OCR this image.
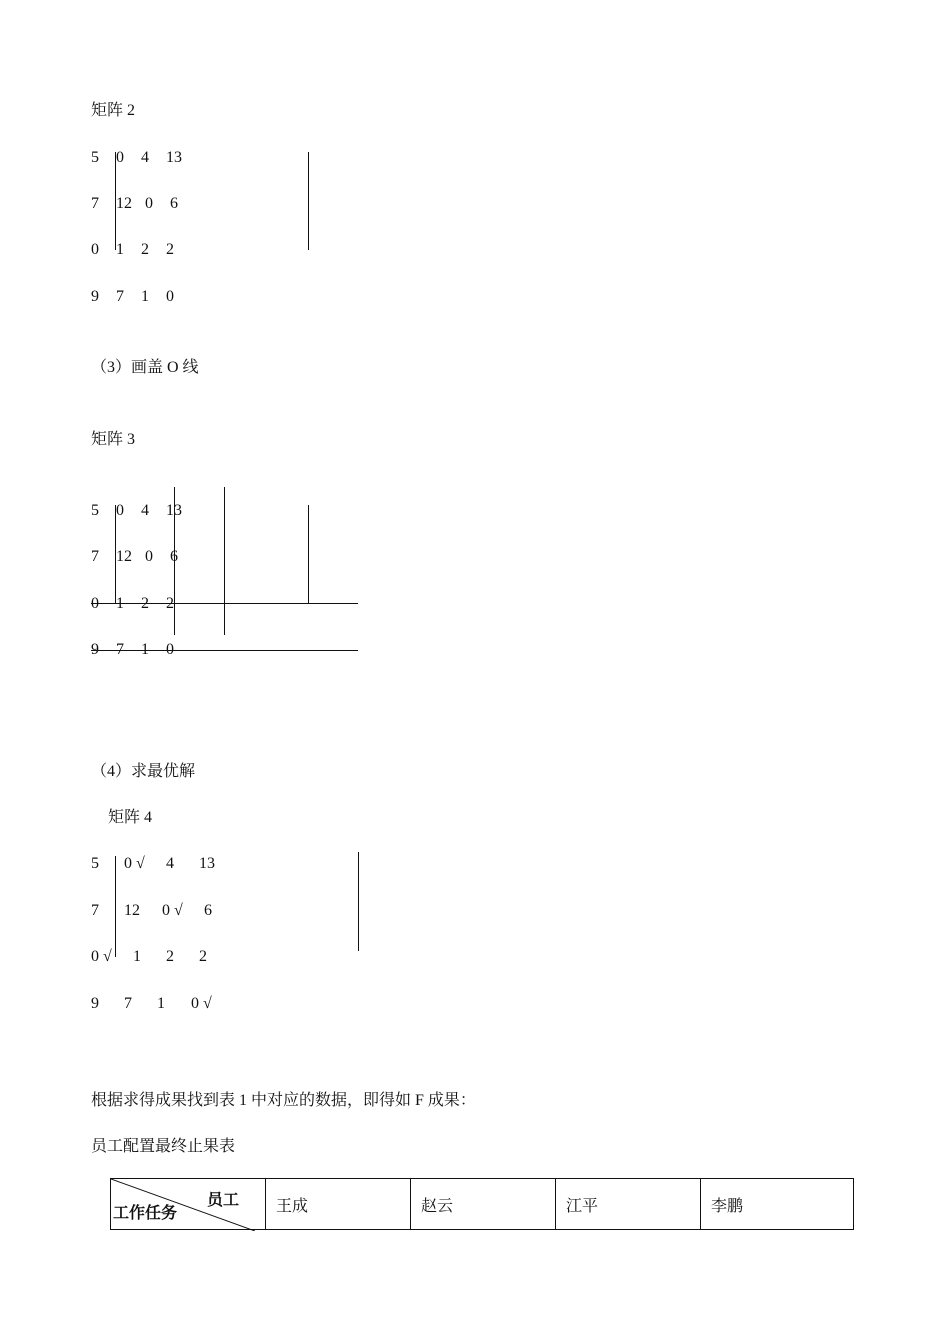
矩阵 2
5 0 4 13
7 12 0 6
0 1 2 2
9 7 1 0
（3）画盖 O 线
矩阵 3
5 0 4 13
7 12 0 6
0 1 2 2
9 7 1 0
（4）求最优解
矩阵 4
5 0 √ 4 13
7 12 0 √ 6
0 √ 1 2 2
9 7 1 0 √
根据求得成果找到表 1 中对应的数据，即得如 F 成果：
员工配置最终止果表
员工
工作任务	王成	赵云	江平	李鹏
